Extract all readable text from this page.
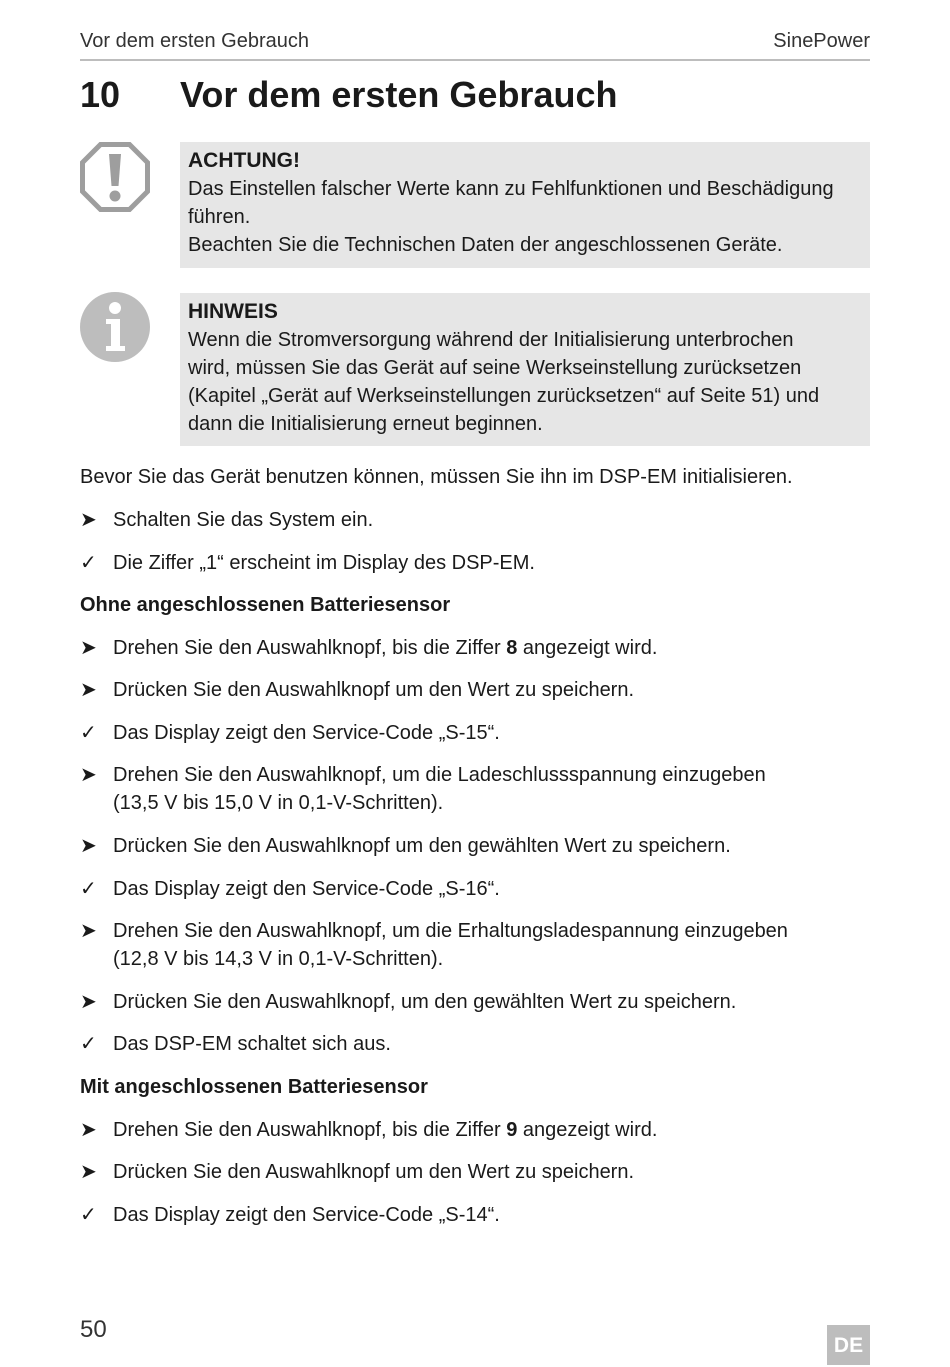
Vor dem ersten Gebrauch	SinePower
10 Vor dem ersten Gebrauch
ACHTUNG!
Das Einstellen falscher Werte kann zu Fehlfunktionen und Beschädigung
führen.
Beachten Sie die Technischen Daten der angeschlossenen Geräte.
HINWEIS
Wenn die Stromversorgung während der Initialisierung unterbrochen
wird, müssen Sie das Gerät auf seine Werkseinstellung zurücksetzen
(Kapitel „Gerät auf Werkseinstellungen zurücksetzen“ auf Seite 51) und
dann die Initialisierung erneut beginnen.
Bevor Sie das Gerät benutzen können, müssen Sie ihn im DSP-EM initialisieren.
➤ Schalten Sie das System ein.
✓ Die Ziffer „1“ erscheint im Display des DSP-EM.
Ohne angeschlossenen Batteriesensor
➤ Drehen Sie den Auswahlknopf, bis die Ziffer 8 angezeigt wird.
➤ Drücken Sie den Auswahlknopf um den Wert zu speichern.
✓ Das Display zeigt den Service-Code „S-15“.
➤ Drehen Sie den Auswahlknopf, um die Ladeschlussspannung einzugeben
(13,5 V bis 15,0 V in 0,1-V-Schritten).
➤ Drücken Sie den Auswahlknopf um den gewählten Wert zu speichern.
✓ Das Display zeigt den Service-Code „S-16“.
➤ Drehen Sie den Auswahlknopf, um die Erhaltungsladespannung einzugeben
(12,8 V bis 14,3 V in 0,1-V-Schritten).
➤ Drücken Sie den Auswahlknopf, um den gewählten Wert zu speichern.
✓ Das DSP-EM schaltet sich aus.
Mit angeschlossenen Batteriesensor
➤ Drehen Sie den Auswahlknopf, bis die Ziffer 9 angezeigt wird.
➤ Drücken Sie den Auswahlknopf um den Wert zu speichern.
✓ Das Display zeigt den Service-Code „S-14“.
50
DE
